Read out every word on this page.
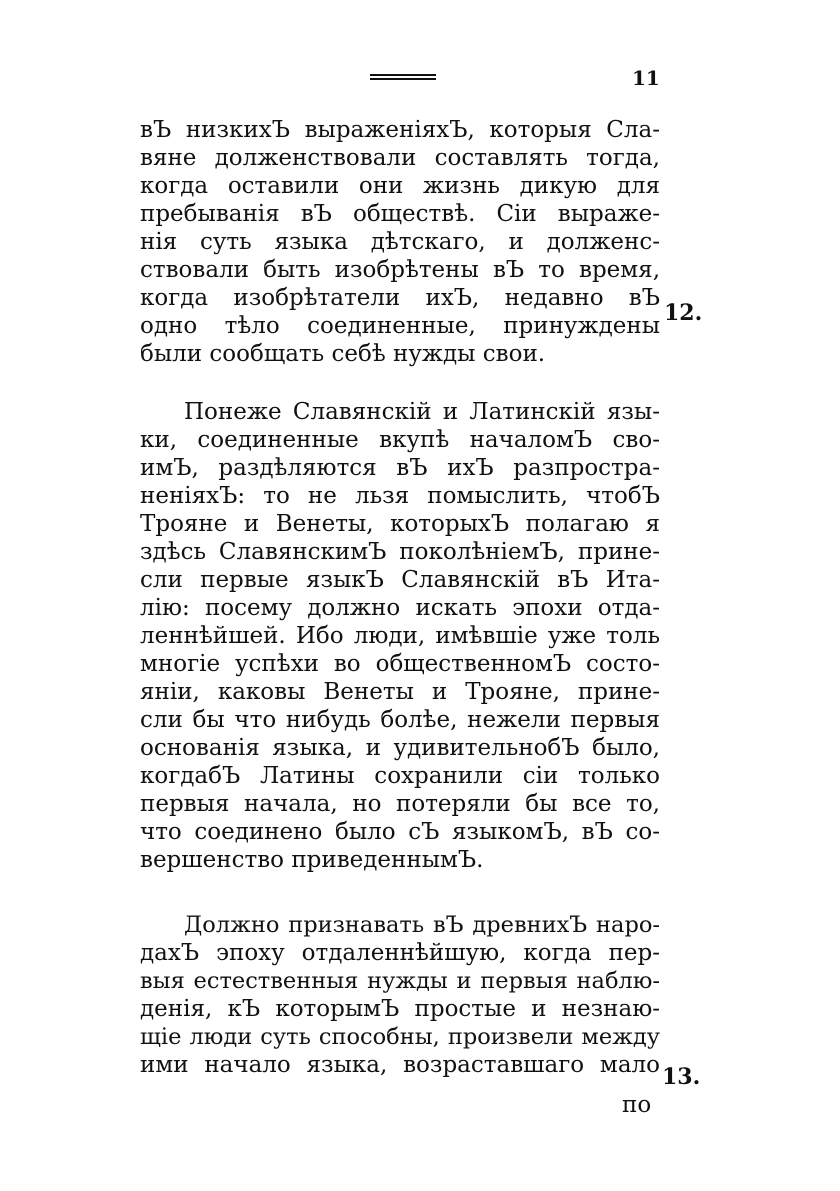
11
вЪ низкихЪ выраженiяхЪ, которыя Сла-
вяне долженствовали составлять тогда,
когда оставили они жизнь дикую для
пребыванiя вЪ обществѣ. Сiи выраже-
нiя суть языка дѣтскаго, и долженс-
ствовали быть изобрѣтены вЪ то время,
когда изобрѣтатели ихЪ, недавно вЪ
одно тѣло соединенные, принуждены
были сообщать себѣ нужды свои.
12.
Понеже Славянскiй и Латинскiй язы-
ки, соединенные вкупѣ началомЪ сво-
имЪ, раздѣляются вЪ ихЪ разпростра-
ненiяхЪ: то не льзя помыслить, чтобЪ
Трояне и Венеты, которыхЪ полагаю я
здѣсь СлавянскимЪ поколѣнiемЪ, прине-
сли первые языкЪ Славянскiй вЪ Ита-
лiю: посему должно искать эпохи отда-
леннѣйшей. Ибо люди, имѣвшiе уже толь
многiе успѣхи во общественномЪ состо-
янiи, каковы Венеты и Трояне, прине-
сли бы что нибудь болѣе, нежели первыя
основанiя языка, и удивительнобЪ было,
когдабЪ Латины сохранили сiи только
первыя начала, но потеряли бы все то,
что соединено было сЪ языкомЪ, вЪ со-
вершенство приведеннымЪ.
Должно признавать вЪ древнихЪ наро-
дахЪ эпоху отдаленнѣйшую, когда пер-
выя естественныя нужды и первыя наблю-
денiя, кЪ которымЪ простые и незнаю-
щiе люди суть способны, произвели между
ими начало языка, возраставшаго мало 13.
по
